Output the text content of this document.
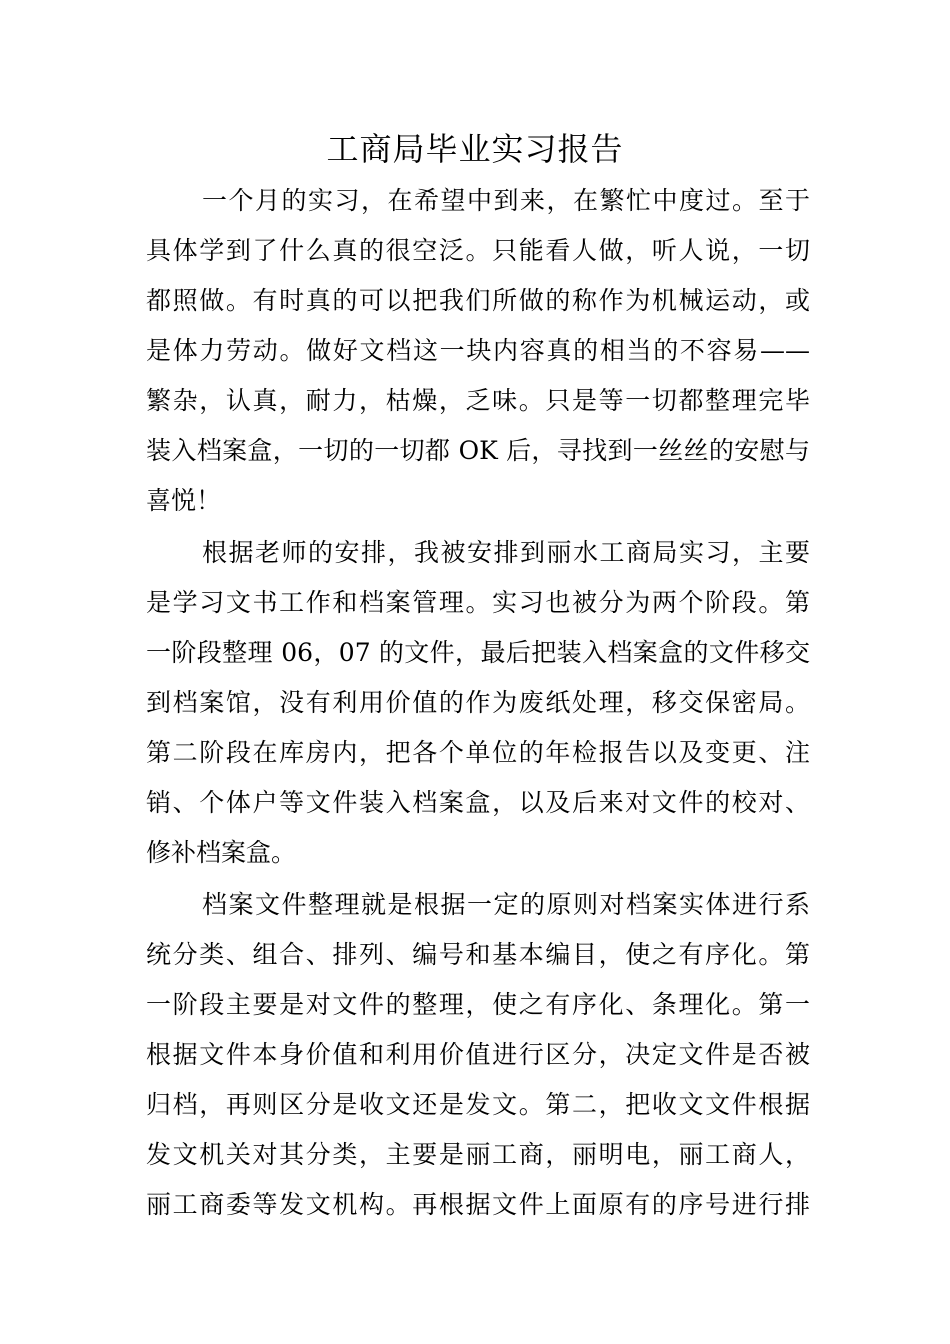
工商局毕业实习报告
一个月的实习，在希望中到来，在繁忙中度过。至于
具体学到了什么真的很空泛。只能看人做，听人说，一切
都照做。有时真的可以把我们所做的称作为机械运动，或
是体力劳动。做好文档这一块内容真的相当的不容易——
繁杂，认真，耐力，枯燥，乏味。只是等一切都整理完毕
装入档案盒，一切的一切都 OK 后，寻找到一丝丝的安慰与
喜悦！
根据老师的安排，我被安排到丽水工商局实习，主要
是学习文书工作和档案管理。实习也被分为两个阶段。第
一阶段整理 06，07 的文件，最后把装入档案盒的文件移交
到档案馆，没有利用价值的作为废纸处理，移交保密局。
第二阶段在库房内，把各个单位的年检报告以及变更、注
销、个体户等文件装入档案盒，以及后来对文件的校对、
修补档案盒。
档案文件整理就是根据一定的原则对档案实体进行系
统分类、组合、排列、编号和基本编目，使之有序化。第
一阶段主要是对文件的整理，使之有序化、条理化。第一
根据文件本身价值和利用价值进行区分，决定文件是否被
归档，再则区分是收文还是发文。第二，把收文文件根据
发文机关对其分类，主要是丽工商，丽明电，丽工商人，
丽工商委等发文机构。再根据文件上面原有的序号进行排
